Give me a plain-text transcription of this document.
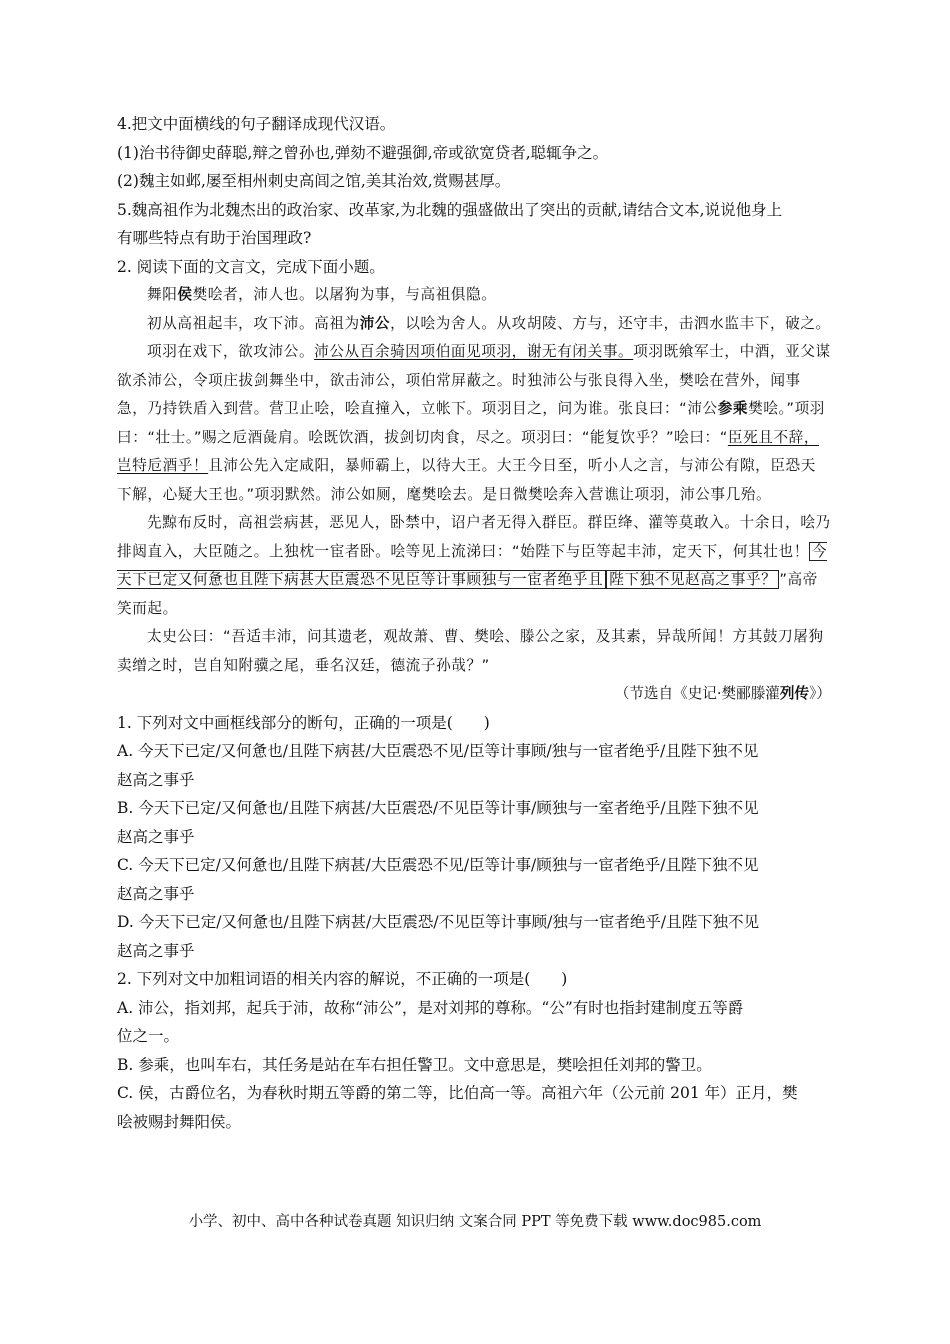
4.把文中面横线的句子翻译成现代汉语。
(1)治书待御史薛聪,辩之曾孙也,弹劾不避强御,帝或欲宽贷者,聪辄争之。
(2)魏主如邺,屡至相州刺史高闾之馆,美其治效,赏赐甚厚。
5.魏高祖作为北魏杰出的政治家、改革家,为北魏的强盛做出了突出的贡献,请结合文本,说说他身上
有哪些特点有助于治国理政?
2. 阅读下面的文言文，完成下面小题。
舞阳侯樊哙者，沛人也。以屠狗为事，与高祖俱隐。
初从高祖起丰，攻下沛。高祖为沛公，以哙为舍人。从攻胡陵、方与，还守丰，击泗水监丰下，破之。
项羽在戏下，欲攻沛公。沛公从百余骑因项伯面见项羽，谢无有闭关事。项羽既飨军士，中酒，亚父谋欲杀沛公，令项庄拔剑舞坐中，欲击沛公，项伯常屏蔽之。时独沛公与张良得入坐，樊哙在营外，闻事急，乃持铁盾入到营。营卫止哙，哙直撞入，立帐下。项羽目之，问为谁。张良曰：“沛公参乘樊哙。”项羽曰：“壮士。”赐之卮酒彘肩。哙既饮酒，拔剑切肉食，尽之。项羽曰：“能复饮乎？”哙曰：“臣死且不辞，岂特卮酒乎！且沛公先入定咸阳，暴师霸上，以待大王。大王今日至，听小人之言，与沛公有隙，臣恐天下解，心疑大王也。”项羽默然。沛公如厕，麾樊哙去。是日微樊哙奔入营谯让项羽，沛公事几殆。
先黥布反时，高祖尝病甚，恶见人，卧禁中，诏户者无得入群臣。群臣绛、灌等莫敢入。十余日，哙乃排闼直入，大臣随之。上独枕一宦者卧。哙等见上流涕曰：“始陛下与臣等起丰沛，定天下，何其壮也！ 今天下已定又何惫也且陛下病甚大臣震恐不见臣等计事顾独与一宦者绝乎且 陛下独不见赵高之事乎？ ”高帝笑而起。
太史公曰：“吾适丰沛，问其遗老，观故萧、曹、樊哙、滕公之家，及其素，异哉所闻！方其鼓刀屠狗卖缯之时，岂自知附骥之尾，垂名汉廷，德流子孙哉？”
（节选自《史记·樊郦滕灌列传》）
1. 下列对文中画框线部分的断句，正确的一项是(　　)
A. 今天下已定/又何惫也/且陛下病甚/大臣震恐不见/臣等计事顾/独与一宦者绝乎/且陛下独不见
赵高之事乎
B. 今天下已定/又何惫也/且陛下病甚/大臣震恐/不见臣等计事/顾独与一室者绝乎/且陛下独不见
赵高之事乎
C. 今天下已定/又何惫也/且陛下病甚/大臣震恐不见/臣等计事/顾独与一宦者绝乎/且陛下独不见
赵高之事乎
D. 今天下已定/又何惫也/且陛下病甚/大臣震恐/不见臣等计事顾/独与一宦者绝乎/且陛下独不见
赵高之事乎
2. 下列对文中加粗词语的相关内容的解说，不正确的一项是(　　)
A. 沛公，指刘邦，起兵于沛，故称“沛公”，是对刘邦的尊称。“公”有时也指封建制度五等爵
位之一。
B. 参乘，也叫车右，其任务是站在车右担任警卫。文中意思是，樊哙担任刘邦的警卫。
C. 侯，古爵位名，为春秋时期五等爵的第二等，比伯高一等。高祖六年（公元前 201 年）正月，樊
哙被赐封舞阳侯。
小学、初中、高中各种试卷真题 知识归纳 文案合同 PPT 等免费下载 www.doc985.com
